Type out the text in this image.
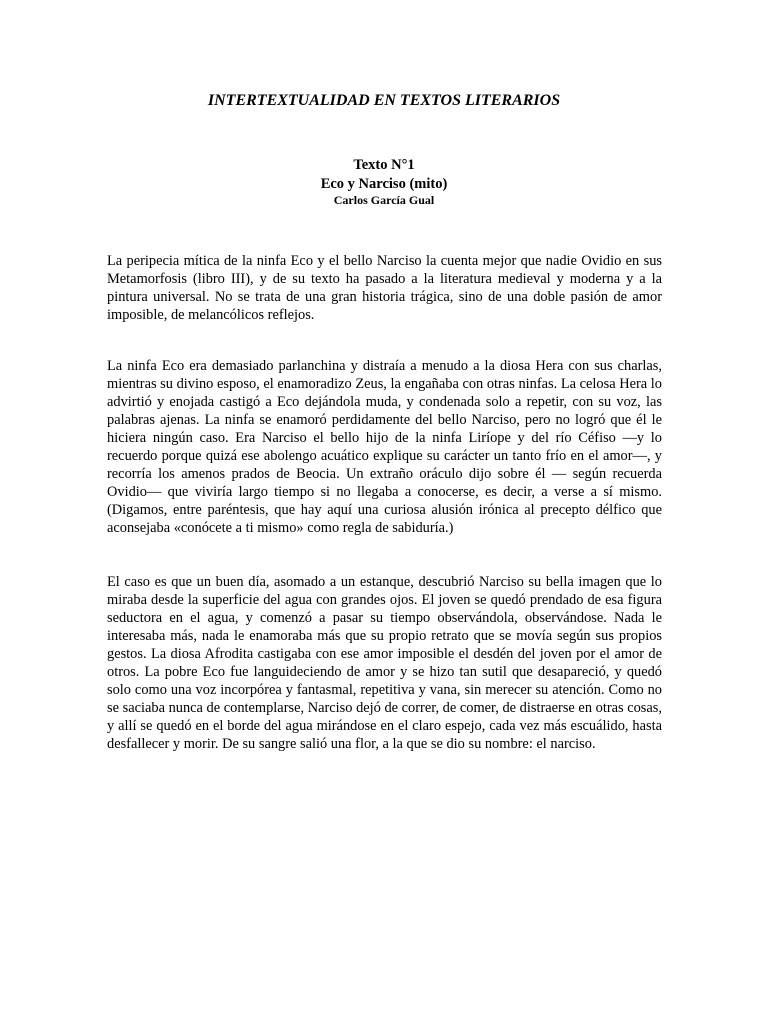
INTERTEXTUALIDAD EN TEXTOS LITERARIOS
Texto N°1
Eco y Narciso (mito)
Carlos García Gual

La peripecia mítica de la ninfa Eco y el bello Narciso la cuenta mejor que nadie Ovidio en sus Metamorfosis (libro III), y de su texto ha pasado a la literatura medieval y moderna y a la pintura universal. No se trata de una gran historia trágica, sino de una doble pasión de amor imposible, de melancólicos reflejos.

La ninfa Eco era demasiado parlanchina y distraía a menudo a la diosa Hera con sus charlas, mientras su divino esposo, el enamoradizo Zeus, la engañaba con otras ninfas. La celosa Hera lo advirtió y enojada castigó a Eco dejándola muda, y condenada solo a repetir, con su voz, las palabras ajenas. La ninfa se enamoró perdidamente del bello Narciso, pero no logró que él le hiciera ningún caso. Era Narciso el bello hijo de la ninfa Liríope y del río Céfiso —y lo recuerdo porque quizá ese abolengo acuático explique su carácter un tanto frío en el amor—, y recorría los amenos prados de Beocia. Un extraño oráculo dijo sobre él — según recuerda Ovidio— que viviría largo tiempo si no llegaba a conocerse, es decir, a verse a sí mismo. (Digamos, entre paréntesis, que hay aquí una curiosa alusión irónica al precepto délfico que aconsejaba «conócete a ti mismo» como regla de sabiduría.)

El caso es que un buen día, asomado a un estanque, descubrió Narciso su bella imagen que lo miraba desde la superficie del agua con grandes ojos. El joven se quedó prendado de esa figura seductora en el agua, y comenzó a pasar su tiempo observándola, observándose. Nada le interesaba más, nada le enamoraba más que su propio retrato que se movía según sus propios gestos. La diosa Afrodita castigaba con ese amor imposible el desdén del joven por el amor de otros. La pobre Eco fue languideciendo de amor y se hizo tan sutil que desapareció, y quedó solo como una voz incorpórea y fantasmal, repetitiva y vana, sin merecer su atención. Como no se saciaba nunca de contemplarse, Narciso dejó de correr, de comer, de distraerse en otras cosas, y allí se quedó en el borde del agua mirándose en el claro espejo, cada vez más escuálido, hasta desfallecer y morir. De su sangre salió una flor, a la que se dio su nombre: el narciso.
